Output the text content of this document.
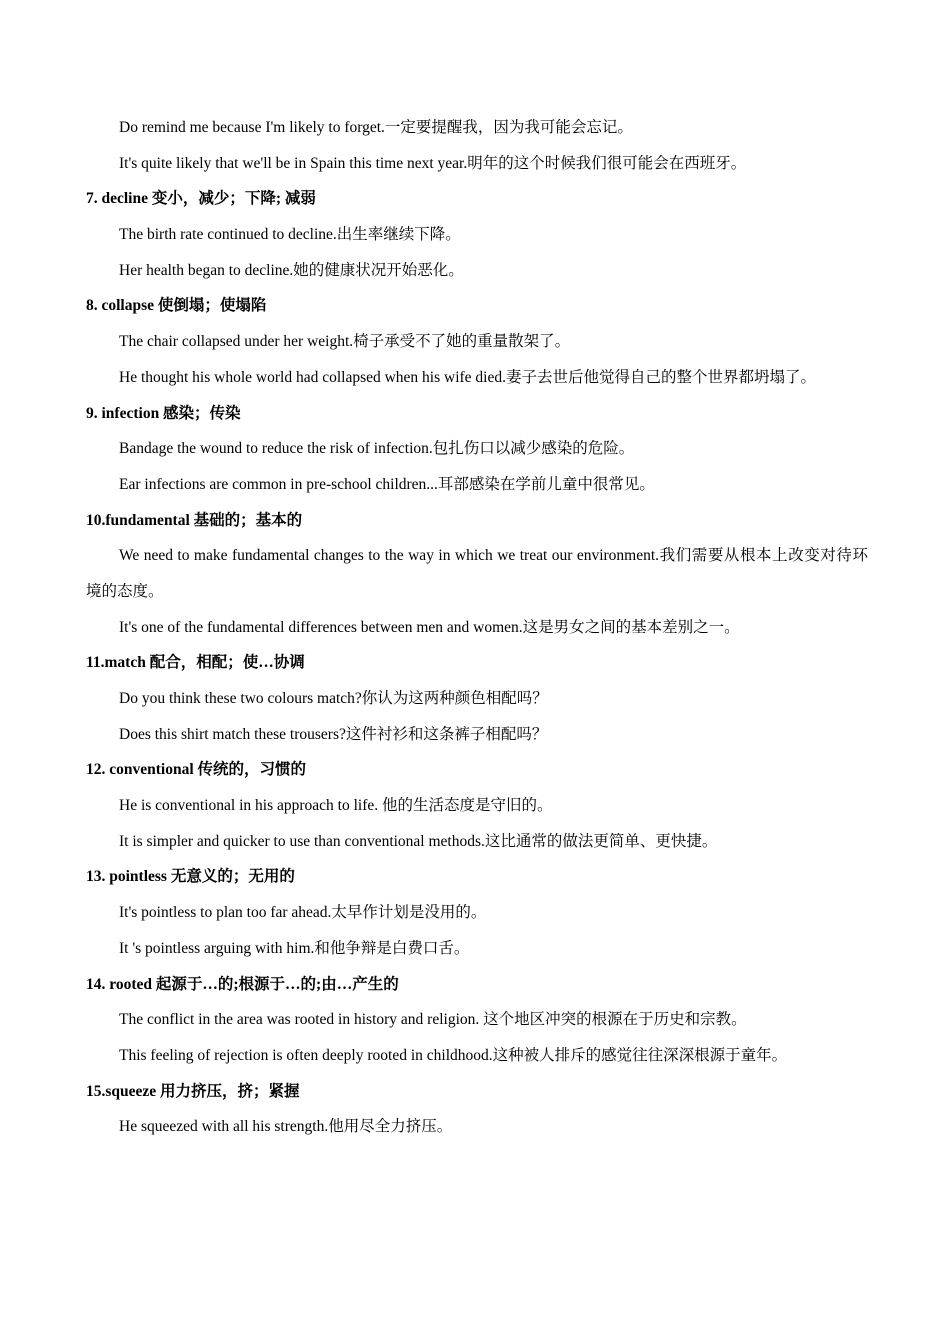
Do remind me because I'm likely to forget.一定要提醒我，因为我可能会忘记。
It's quite likely that we'll be in Spain this time next year.明年的这个时候我们很可能会在西班牙。
7. decline 变小，减少；下降; 减弱
The birth rate continued to decline.出生率继续下降。
Her health began to decline.她的健康状况开始恶化。
8. collapse 使倒塌；使塌陷
The chair collapsed under her weight.椅子承受不了她的重量散架了。
He thought his whole world had collapsed when his wife died.妻子去世后他觉得自己的整个世界都坍塌了。
9. infection 感染；传染
Bandage the wound to reduce the risk of infection.包扎伤口以减少感染的危险。
Ear infections are common in pre-school children...耳部感染在学前儿童中很常见。
10.fundamental 基础的；基本的
We need to make fundamental changes to the way in which we treat our environment.我们需要从根本上改变对待环境的态度。
It's one of the fundamental differences between men and women.这是男女之间的基本差别之一。
11.match 配合，相配；使…协调
Do you think these two colours match?你认为这两种颜色相配吗？
Does this shirt match these trousers?这件衬衫和这条裤子相配吗？
12. conventional 传统的，习惯的
He is conventional in his approach to life. 他的生活态度是守旧的。
It is simpler and quicker to use than conventional methods.这比通常的做法更简单、更快捷。
13. pointless 无意义的；无用的
It's pointless to plan too far ahead.太早作计划是没用的。
It 's pointless arguing with him.和他争辩是白费口舌。
14. rooted 起源于…的;根源于…的;由…产生的
The conflict in the area was rooted in history and religion. 这个地区冲突的根源在于历史和宗教。
This feeling of rejection is often deeply rooted in childhood.这种被人排斥的感觉往往深深根源于童年。
15.squeeze 用力挤压，挤；紧握
He squeezed with all his strength.他用尽全力挤压。
